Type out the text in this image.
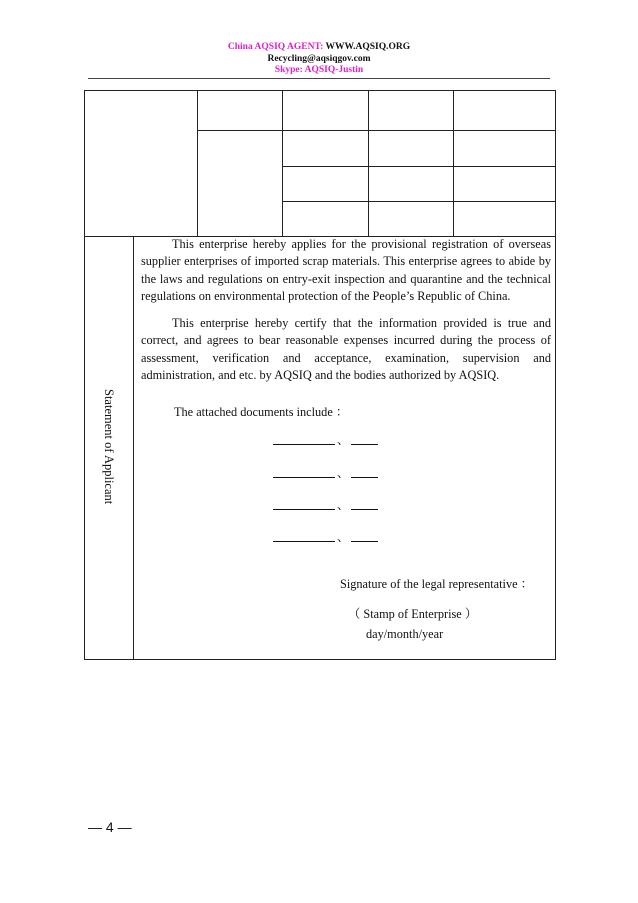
China AQSIQ AGENT: WWW.AQSIQ.ORG
Recycling@aqsiqgov.com
Skype: AQSIQ-Justin
Statement of Applicant

This enterprise hereby applies for the provisional registration of overseas supplier enterprises of imported scrap materials. This enterprise agrees to abide by the laws and regulations on entry-exit inspection and quarantine and the technical regulations on environmental protection of the People’s Republic of China.

This enterprise hereby certify that the information provided is true and correct, and agrees to bear reasonable expenses incurred during the process of assessment, verification and acceptance, examination, supervision and administration, and etc. by AQSIQ and the bodies authorized by AQSIQ.

The attached documents include ：
、
、
、
、
Signature of the legal representative ：
（ Stamp of Enterprise ）
day/month/year
— 4 —
